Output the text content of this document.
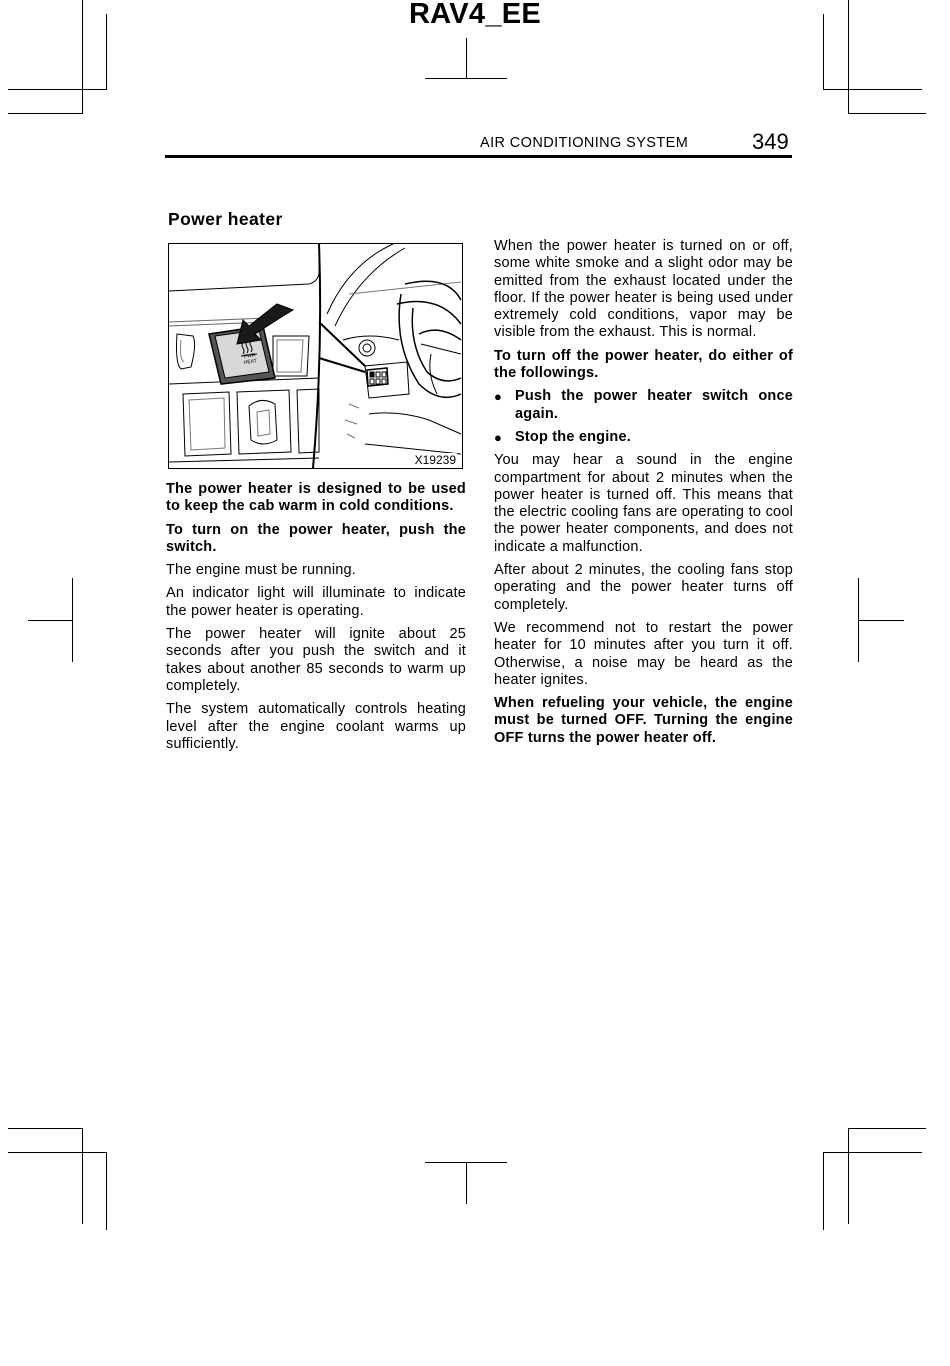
RAV4_EE
AIR CONDITIONING SYSTEM	349
Power heater
PWR
HEAT
X19239

The power heater is designed to be used to keep the cab warm in cold conditions.

To turn on the power heater, push the switch.

The engine must be running.

An indicator light will illuminate to indicate the power heater is operating.

The power heater will ignite about 25 seconds after you push the switch and it takes about another 85 seconds to warm up completely.

The system automatically controls heating level after the engine coolant warms up sufficiently.

When the power heater is turned on or off, some white smoke and a slight odor may be emitted from the exhaust located under the floor. If the power heater is being used under extremely cold conditions, vapor may be visible from the exhaust. This is normal.

To turn off the power heater, do either of the followings.

● Push the power heater switch once again.
● Stop the engine.

You may hear a sound in the engine compartment for about 2 minutes when the power heater is turned off. This means that the electric cooling fans are operating to cool the power heater components, and does not indicate a malfunction.

After about 2 minutes, the cooling fans stop operating and the power heater turns off completely.

We recommend not to restart the power heater for 10 minutes after you turn it off. Otherwise, a noise may be heard as the heater ignites.

When refueling your vehicle, the engine must be turned OFF. Turning the engine OFF turns the power heater off.
